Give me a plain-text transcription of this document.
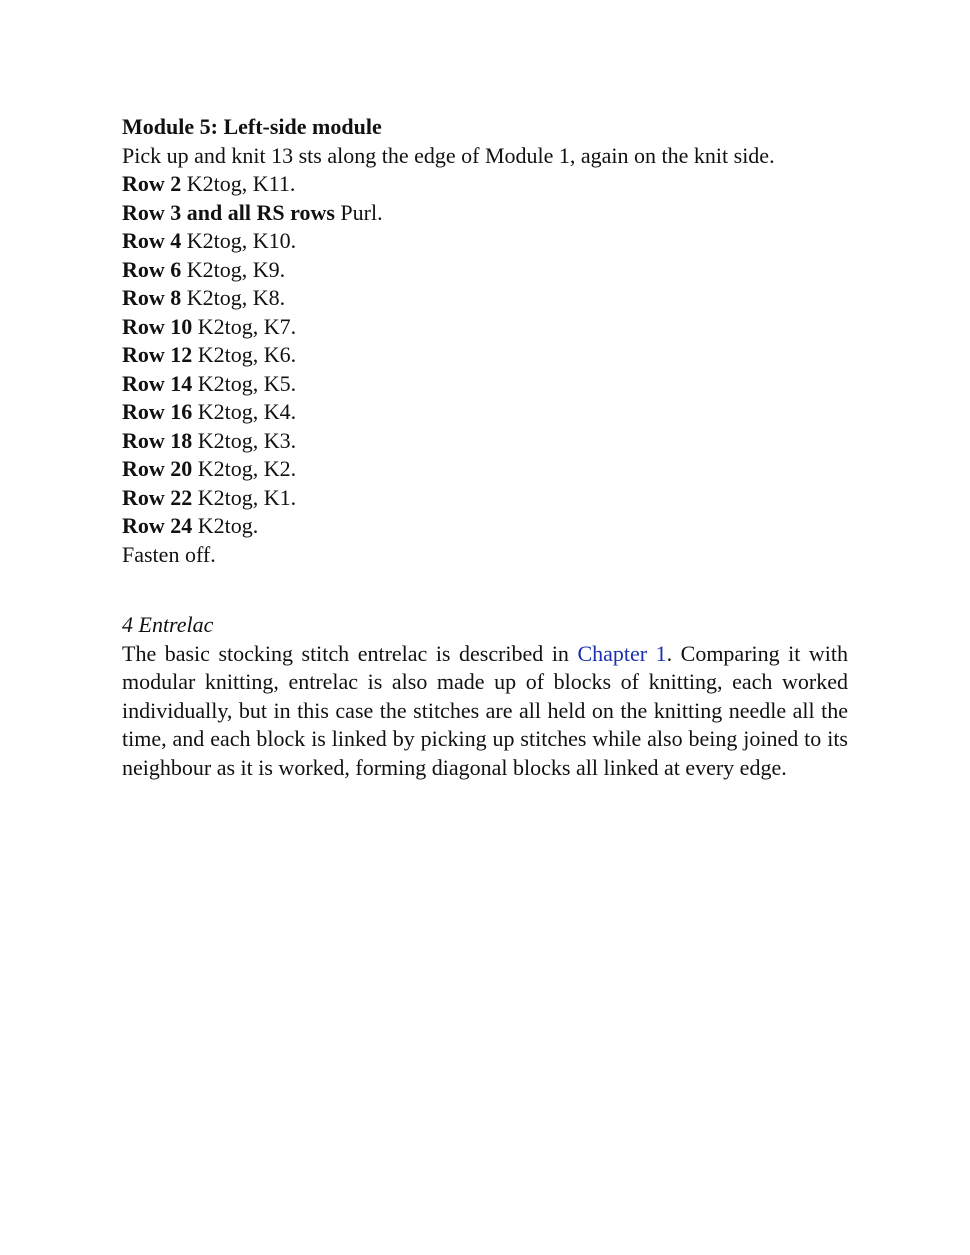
Module 5: Left-side module
Pick up and knit 13 sts along the edge of Module 1, again on the knit side.
Row 2 K2tog, K11.
Row 3 and all RS rows Purl.
Row 4 K2tog, K10.
Row 6 K2tog, K9.
Row 8 K2tog, K8.
Row 10 K2tog, K7.
Row 12 K2tog, K6.
Row 14 K2tog, K5.
Row 16 K2tog, K4.
Row 18 K2tog, K3.
Row 20 K2tog, K2.
Row 22 K2tog, K1.
Row 24 K2tog.
Fasten off.
4 Entrelac

The basic stocking stitch entrelac is described in Chapter 1. Comparing it with modular knitting, entrelac is also made up of blocks of knitting, each worked individually, but in this case the stitches are all held on the knitting needle all the time, and each block is linked by picking up stitches while also being joined to its neighbour as it is worked, forming diagonal blocks all linked at every edge.
